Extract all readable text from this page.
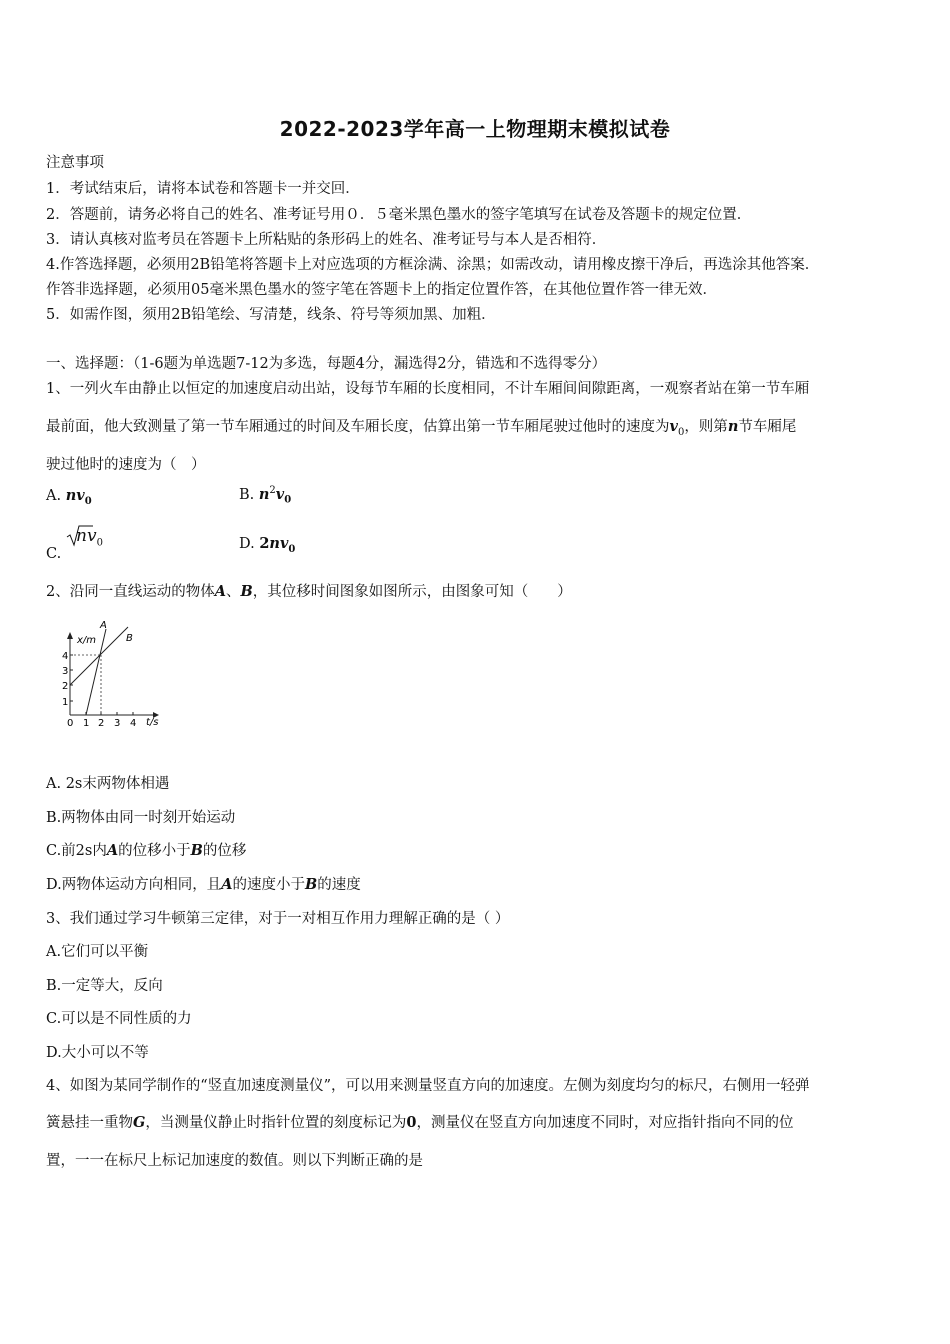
2022-2023学年高一上物理期末模拟试卷
注意事项
1．考试结束后，请将本试卷和答题卡一并交回．
2．答题前，请务必将自己的姓名、准考证号用０．５毫米黑色墨水的签字笔填写在试卷及答题卡的规定位置．
3．请认真核对监考员在答题卡上所粘贴的条形码上的姓名、准考证号与本人是否相符．
4.作答选择题，必须用2B铅笔将答题卡上对应选项的方框涂满、涂黑；如需改动，请用橡皮擦干净后，再选涂其他答案．
作答非选择题，必须用05毫米黑色墨水的签字笔在答题卡上的指定位置作答，在其他位置作答一律无效．
5．如需作图，须用2B铅笔绘、写清楚，线条、符号等须加黑、加粗．
一、选择题：（1-6题为单选题7-12为多选，每题4分，漏选得2分，错选和不选得零分）
1、一列火车由静止以恒定的加速度启动出站，设每节车厢的长度相同，不计车厢间间隙距离，一观察者站在第一节车厢
最前面，他大致测量了第一节车厢通过的时间及车厢长度，估算出第一节车厢尾驶过他时的速度为$v_0$，则第n节车厢尾
驶过他时的速度为（　）
A. $nv_0$	B. $n^2v_0$
C.
$nv_0$	D. $2nv_0$
2、沿同一直线运动的物体A、B，其位移时间图象如图所示，由图象可知（　　）
x/m
t/s
A
B
0 1 2 3 4
1
2
3
4
A. 2s末两物体相遇
B.两物体由同一时刻开始运动
C.前2s内A的位移小于B的位移
D.两物体运动方向相同，且A的速度小于B的速度
3、我们通过学习牛顿第三定律，对于一对相互作用力理解正确的是（ ）
A.它们可以平衡
B.一定等大，反向
C.可以是不同性质的力
D.大小可以不等
4、如图为某同学制作的“竖直加速度测量仪”，可以用来测量竖直方向的加速度。左侧为刻度均匀的标尺，右侧用一轻弹
簧悬挂一重物G，当测量仪静止时指针位置的刻度标记为0，测量仪在竖直方向加速度不同时，对应指针指向不同的位
置，一一在标尺上标记加速度的数值。则以下判断正确的是
